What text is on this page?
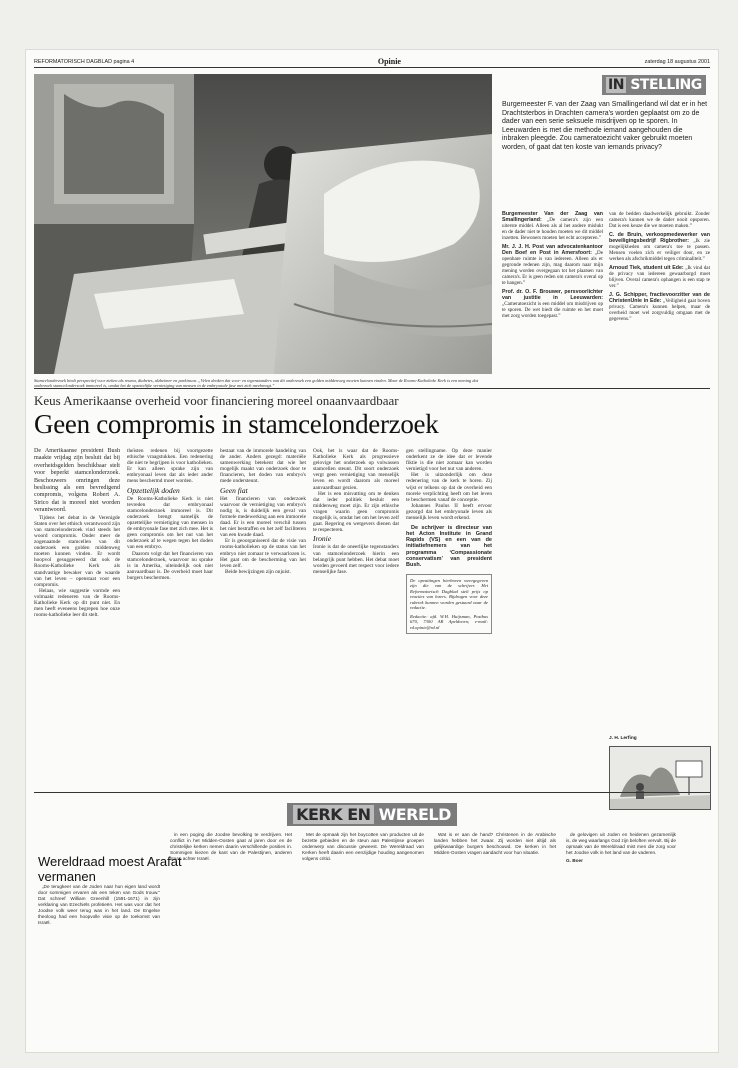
REFORMATORISCH DAGBLAD pagina 4	Opinie	zaterdag 18 augustus 2001
Stamcelonderzoek biedt perspectief voor zieken als reuma, diabetes, alzheimer en parkinson. „Velen denken dat voor- en tegenstanders van dit onderzoek een golden middenweg moeten kunnen vinden. Maar de Rooms-Katholieke Kerk is een mening dat onderzoek stamcelonderzoek immoreel is, omdat het de opzettelijke vernietiging van mensen in de embryonale fase met zich meebrengt.”
Keus Amerikaanse overheid voor financiering moreel onaanvaardbaar
Geen compromis in stamcelonderzoek

De Amerikaanse president Bush maakte vrijdag zijn besluit dat bij overheidsgelden beschikbaar stelt voor beperkt stamcelonderzoek. Beschouwers omringen deze beslissing als een bevredigend compromis, volgens Robert A. Sirico dat is moreel niet worden verantwoord.

Tijdens het debat in de Verenigde Staten over het ethisch verantwoord zijn van stamcelonderzoek vind steeds het woord compromis. Onder meer de zogenaamde stamcellen van dit onderzoek een golden middenweg moeten kunnen vinden. Er wordt hoopvol gesuggereerd dat ook de Rooms-Katholieke Kerk als standvastige bewaker van de waarde van het leven – openstaat voor een compromis.

Helaas, wie suggestie vormde een volmaakt redeneren van de Rooms-Katholieke Kerk op dit punt niet. En men heeft eveneens begrepen hoe onze rooms-katholieke leer dit stelt.

theïsten redenen bij voortgezette ethische vraagstukken. Een redenering die niet te begrijpen is voor katholieken. Er kan alleen sprake zijn van embryonaal leven dat als ieder ander mens beschermd moet worden.

Opzettelijk doden

De Rooms-Katholieke Kerk is niet tevreden dat embryonaal stamcelonderzoek immoreel is. Dit onderzoek brengt namelijk de opzettelijke vernietiging van mensen in de embryonale fase met zich mee. Het is geen compromis om het nut van het onderzoek af te wegen tegen het doden van een embryo.

Daarom volgt dat het financieren van stamcelonderzoek, waarvoor nu sprake is in Amerika, uiteindelijk ook niet aanvaardbaar is. De overheid moet haar burgers beschermen.

bestaat van de immorele handeling van de ander. Anders gezegd: materiële samenwerking betekent dat wie het mogelijk maakt van onderzoek door te financieren, het doden van embryo's mede ondersteunt.

Geen fiat

Het financieren van onderzoek waarvoor de vernietiging van embryo's nodig is, is duidelijk een geval van formele medewerking aan een immorele daad. Er is een moreel verschil tussen het niet bestraffen en het zelf faciliteren van een kwade daad.

Er is geoorganiseerd dat de visie van rooms-katholieken op de status van het embryo niet zomaar te verwaarlozen is. Het gaat om de bescherming van het leven zelf.

Beide bewijzingen zijn onjuist.

Ook, het is waar dat de Rooms-Katholieke Kerk als progressieve gelovige het onderzoek op volwassen stamcellen steunt. Dit soort onderzoek vergt geen vernietiging van menselijk leven en wordt daarom als moreel aanvaardbaar gezien.

Het is een misvatting om te denken dat ieder politiek besluit een middenweg moet zijn. Er zijn ethische vragen waarin geen compromis mogelijk is, omdat het om het leven zelf gaat. Regering en wetgevers dienen dat te respecteren.

Ironie

Ironie is dat de oneerlijke tegenstanders van stamcelonderzoek hierin een belangrijk punt hebben. Het debat moet worden gevoerd met respect voor iedere menselijke fase.

gen stellingname. Op deze manier onderkent ze de idee dat er levende fiktie is die niet zomaar kan worden vernietigd voor het nut van anderen.

Het is uitzonderlijk om deze redenering van de kerk te horen. Zij wijst er telkens op dat de overheid een morele verplichting heeft om het leven te beschermen vanaf de conceptie.

Johannes Paulus II heeft ervoor gezorgd dat het embryonale leven als menselijk leven wordt erkend.

De schrijver is directeur van het Acton Institute in Grand Rapids (VS) en een van de initiatiefnemers van het programma ‘Compassionate conservatism’ van president Bush.

De opvattingen hierboven weergegeven zijn die van de schrijver. Het Reformatorisch Dagblad stelt prijs op reacties van lezers. Bijdragen voor deze rubriek kunnen worden gestuurd naar de redactie.
Redactie: afd. W.H. Huijsman, Postbus 670, 7300 AR Apeldoorn; e-mail: rd.opinie@rd.nl
IN STELLING

Burgemeester F. van der Zaag van Smallingerland wil dat er in het Drachtsterbos in Drachten camera's worden geplaatst om zo de dader van een serie seksuele misdrijven op te sporen. In Leeuwarden is met die methode iemand aangehouden die inbraken pleegde. Zou cameratoezicht vaker gebruikt moeten worden, of gaat dat ten koste van iemands privacy?

Burgemeester Van der Zaag van Smallingerland: „De camera's zijn een uiterste middel. Alleen als al het andere mislukt en de dader niet te houden moeten we dit middel inzetten. Bewoners moeten het echt accepteren.”

Mr. J. J. H. Post van advocatenkantoor Den Boef en Post in Amersfoort: „De openbare ruimte is van iedereen. Alleen als er gegronde redenen zijn, mag daarom naar mijn mening worden overgegaan tot het plaatsen van camera's. Er is geen reden om camera's overal op te hangen.”

Prof. dr. O. F. Brouwer, persvoorlichter van justitie in Leeuwarden: „Cameratoezicht is een middel om misdrijven op te sporen. De wet biedt die ruimte en het moet met zorg worden toegepast.”

van de bedden daadwerkelijk gebruikt. Zonder camera's kunnen we de dader nooit opsporen. Dat is een keuze die we moeten maken.”

C. de Bruin, verkoopmedewerker van beveiligingsbedrijf Rigbrother: „Ik zie mogelijkheden om camera's toe te passen. Mensen voelen zich er veiliger door, en ze werken als afschrikmiddel tegen criminaliteit.”

Arnoud Tiek, student uit Ede: „Ik vind dat de privacy van iedereen gewaarborgd moet blijven. Overal camera's ophangen is een stap te ver.”

J. G. Schipper, fractievoorzitter van de ChristenUnie in Ede: „Veiligheid gaat boven privacy. Camera's kunnen helpen, maar de overheid moet wel zorgvuldig omgaan met de gegevens.”

J. H. Lerfing
KERK EN WERELD
Wereldraad moest Arafat vermanen

„De terugkeer van de Joden naar hun eigen land wordt door sommigen ervaren als een teken van Gods trouw.” Dat schreef William Greenhill (1591-1671) in zijn verklaring van Ezechiëls profetieën. Het was voor dat het Joodse volk weer terug was in het land. De Engelse theoloog had een hoopvolle visie op de toekomst van Israël.

in een poging die Joodse bevolking te verdrijven. Het conflict in het Midden-Oosten gaat al jaren door en de christelijke kerken nemen daarin verschillende posities in. Sommigen kiezen de kant van de Palestijnen, anderen staan achter Israël.

Met de opmaak zijn het boycotten van producten uit de bezette gebieden en de steun aan Palestijnse groepen onderwerp van discussie geweest. De Wereldraad van Kerken heeft daarin een eenzijdige houding aangenomen volgens critici.

Wat is er aan de hand? Christenen in de Arabische landen hebben het zwaar. Zij worden niet altijd als gelijkwaardige burgers beschouwd. De kerken in het Midden-Oosten vragen aandacht voor hun situatie.

de gelovigen uit Joden en heidenen gezamenlijk is, de weg waarlangs God zijn beloften vervult. Bij de opmaak van de Wereldraad mist men die zorg voor het Joodse volk in het land van de vaderen.

G. Boer
